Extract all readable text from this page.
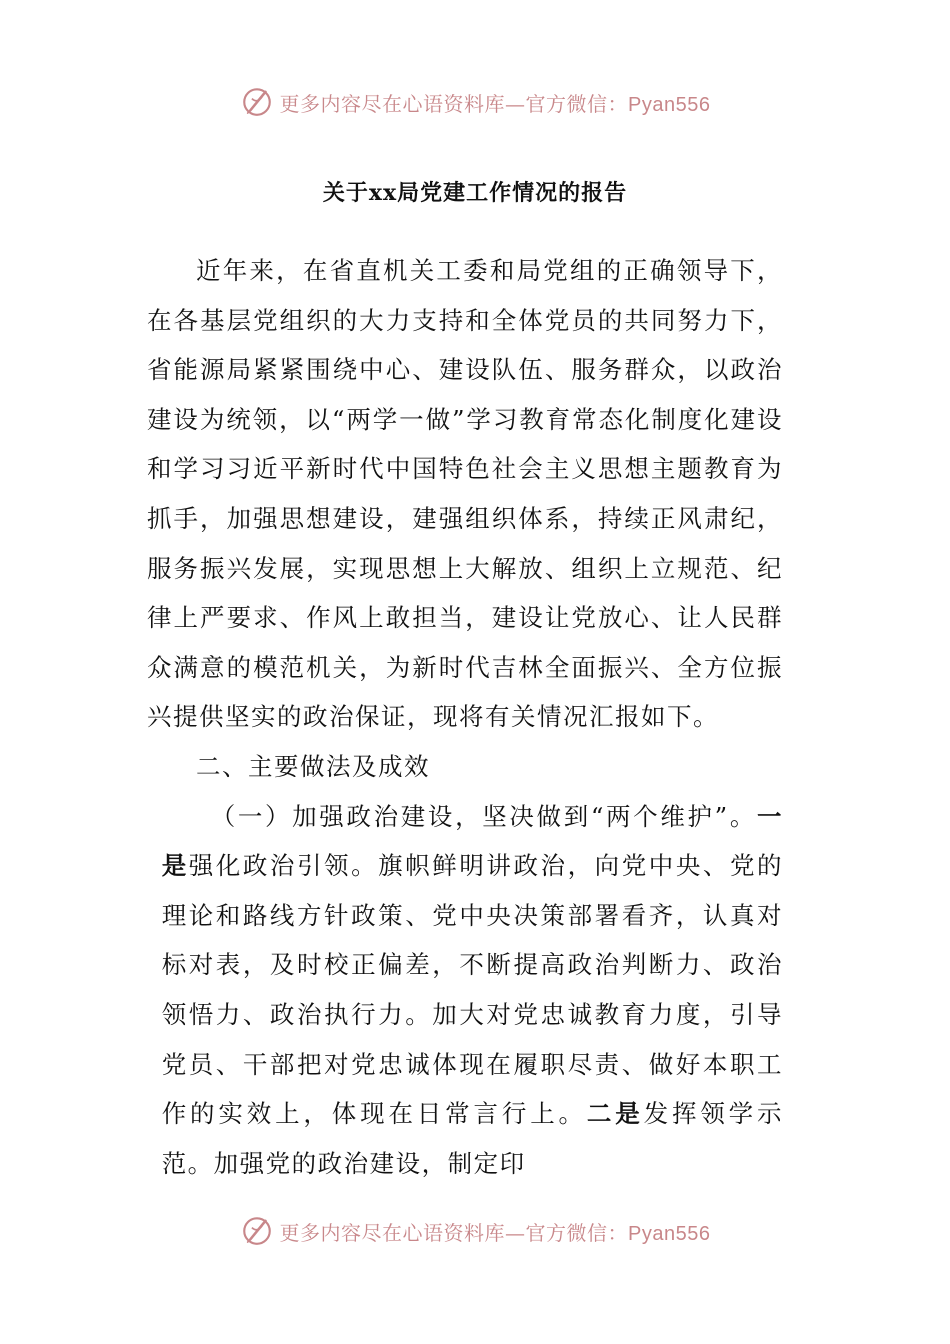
更多内容尽在心语资料库—官方微信：Pyan556
关于xx局党建工作情况的报告

近年来，在省直机关工委和局党组的正确领导下，在各基层党组织的大力支持和全体党员的共同努力下，省能源局紧紧围绕中心、建设队伍、服务群众，以政治建设为统领，以“两学一做”学习教育常态化制度化建设和学习习近平新时代中国特色社会主义思想主题教育为抓手，加强思想建设，建强组织体系，持续正风肃纪，服务振兴发展，实现思想上大解放、组织上立规范、纪律上严要求、作风上敢担当，建设让党放心、让人民群众满意的模范机关，为新时代吉林全面振兴、全方位振兴提供坚实的政治保证，现将有关情况汇报如下。

二、主要做法及成效

（一）加强政治建设，坚决做到“两个维护”。一是强化政治引领。旗帜鲜明讲政治，向党中央、党的理论和路线方针政策、党中央决策部署看齐，认真对标对表，及时校正偏差，不断提高政治判断力、政治领悟力、政治执行力。加大对党忠诚教育力度，引导党员、干部把对党忠诚体现在履职尽责、做好本职工作的实效上，体现在日常言行上。二是发挥领学示范。加强党的政治建设，制定印

更多内容尽在心语资料库—官方微信：Pyan556
